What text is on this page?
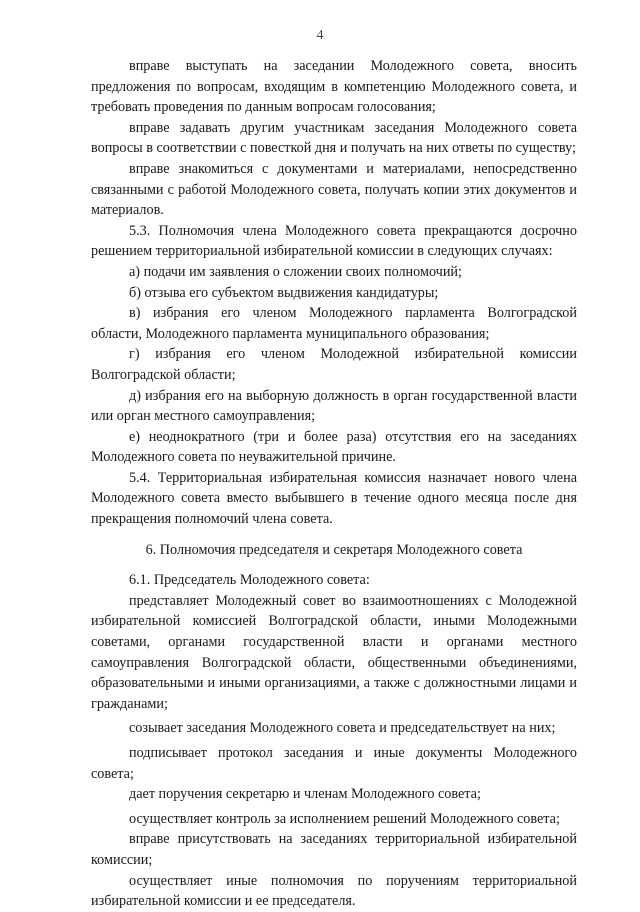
4

вправе выступать на заседании Молодежного совета, вносить предложения по вопросам, входящим в компетенцию Молодежного совета, и требовать проведения по данным вопросам голосования;

вправе задавать другим участникам заседания Молодежного совета вопросы в соответствии с повесткой дня и получать на них ответы по существу;

вправе знакомиться с документами и материалами, непосредственно связанными с работой Молодежного совета, получать копии этих документов и материалов.

5.3. Полномочия члена Молодежного совета прекращаются досрочно решением территориальной избирательной комиссии в следующих случаях:

а) подачи им заявления о сложении своих полномочий;

б) отзыва его субъектом выдвижения кандидатуры;

в) избрания его членом Молодежного парламента Волгоградской области, Молодежного парламента муниципального образования;

г) избрания его членом Молодежной избирательной комиссии Волгоградской области;

д) избрания его на выборную должность в орган государственной власти или орган местного самоуправления;

е) неоднократного (три и более раза) отсутствия его на заседаниях Молодежного совета по неуважительной причине.

5.4. Территориальная избирательная комиссия назначает нового члена Молодежного совета вместо выбывшего в течение одного месяца после дня прекращения полномочий члена совета.

6. Полномочия председателя и секретаря Молодежного совета

6.1. Председатель Молодежного совета:

представляет Молодежный совет во взаимоотношениях с Молодежной избирательной комиссией Волгоградской области, иными Молодежными советами, органами государственной власти и органами местного самоуправления Волгоградской области, общественными объединениями, образовательными и иными организациями, а также с должностными лицами и гражданами;

созывает заседания Молодежного совета и председательствует на них;

подписывает протокол заседания и иные документы Молодежного совета;

дает поручения секретарю и членам Молодежного совета;

осуществляет контроль за исполнением решений Молодежного совета;

вправе присутствовать на заседаниях территориальной избирательной комиссии;

осуществляет иные полномочия по поручениям территориальной избирательной комиссии и ее председателя.
